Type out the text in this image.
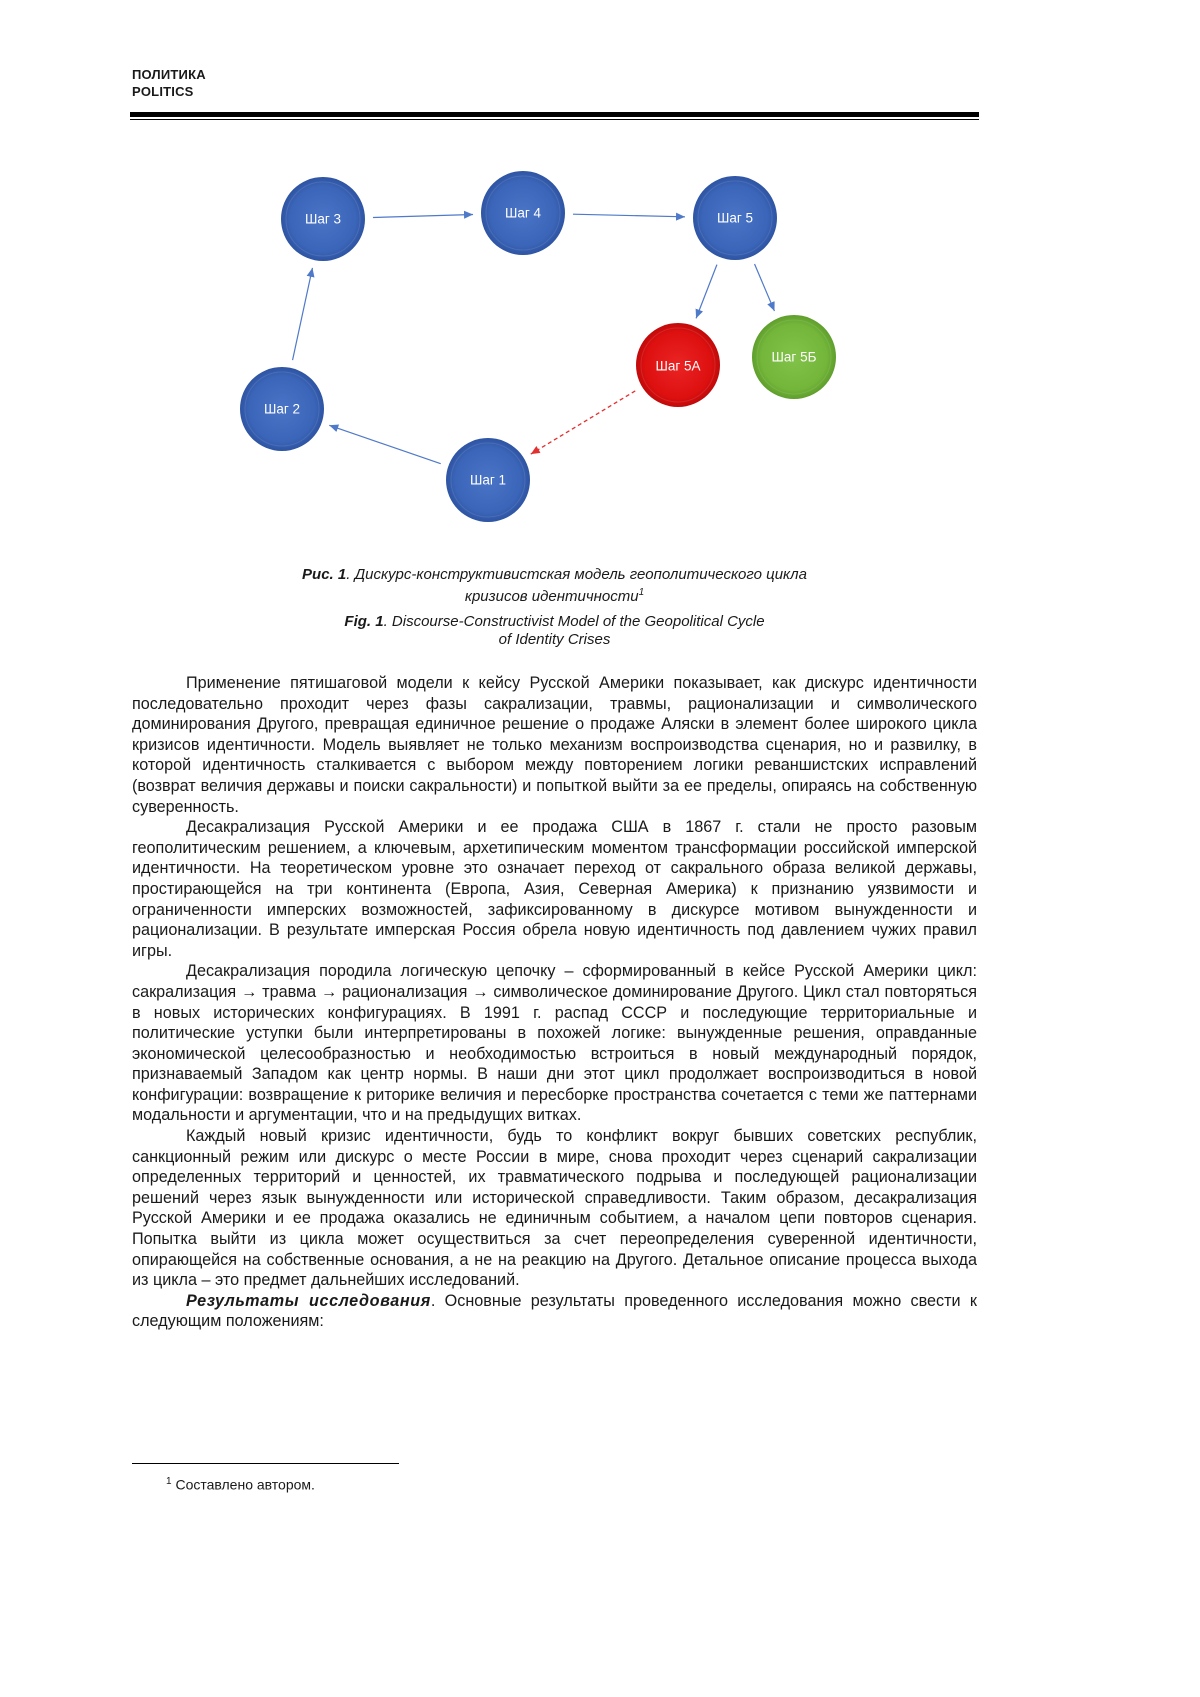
ПОЛИТИКА
POLITICS
Шаг 3	Шаг 4	Шаг 5
Шаг 5А
Шаг 5Б
Шаг 2
Шаг 1
Рис. 1. Дискурс-конструктивистская модель геополитического цикла
кризисов идентичности$^1$
Fig. 1. Discourse-Constructivist Model of the Geopolitical Cycle
of Identity Crises

Применение пятишаговой модели к кейсу Русской Америки показывает, как дискурс идентичности последовательно проходит через фазы сакрализации, травмы, рационализации и символического доминирования Другого, превращая единичное решение о продаже Аляски в элемент более широкого цикла кризисов идентичности. Модель выявляет не только механизм воспроизводства сценария, но и развилку, в которой идентичность сталкивается с выбором между повторением логики реваншистских исправлений (возврат величия державы и поиски сакральности) и попыткой выйти за ее пределы, опираясь на собственную суверенность.

Десакрализация Русской Америки и ее продажа США в 1867 г. стали не просто разовым геополитическим решением, а ключевым, архетипическим моментом трансформации российской имперской идентичности. На теоретическом уровне это означает переход от сакрального образа великой державы, простирающейся на три континента (Европа, Азия, Северная Америка) к признанию уязвимости и ограниченности имперских возможностей, зафиксированному в дискурсе мотивом вынужденности и рационализации. В результате имперская Россия обрела новую идентичность под давлением чужих правил игры.

Десакрализация породила логическую цепочку – сформированный в кейсе Русской Америки цикл: сакрализация → травма → рационализация → символическое доминирование Другого. Цикл стал повторяться в новых исторических конфигурациях. В 1991 г. распад СССР и последующие территориальные и политические уступки были интерпретированы в похожей логике: вынужденные решения, оправданные экономической целесообразностью и необходимостью встроиться в новый международный порядок, признаваемый Западом как центр нормы. В наши дни этот цикл продолжает воспроизводиться в новой конфигурации: возвращение к риторике величия и пересборке пространства сочетается с теми же паттернами модальности и аргументации, что и на предыдущих витках.

Каждый новый кризис идентичности, будь то конфликт вокруг бывших советских республик, санкционный режим или дискурс о месте России в мире, снова проходит через сценарий сакрализации определенных территорий и ценностей, их травматического подрыва и последующей рационализации решений через язык вынужденности или исторической справедливости. Таким образом, десакрализация Русской Америки и ее продажа оказались не единичным событием, а началом цепи повторов сценария. Попытка выйти из цикла может осуществиться за счет переопределения суверенной идентичности, опирающейся на собственные основания, а не на реакцию на Другого. Детальное описание процесса выхода из цикла – это предмет дальнейших исследований.

Результаты исследования. Основные результаты проведенного исследования можно свести к следующим положениям:

$^1$ Составлено автором.
